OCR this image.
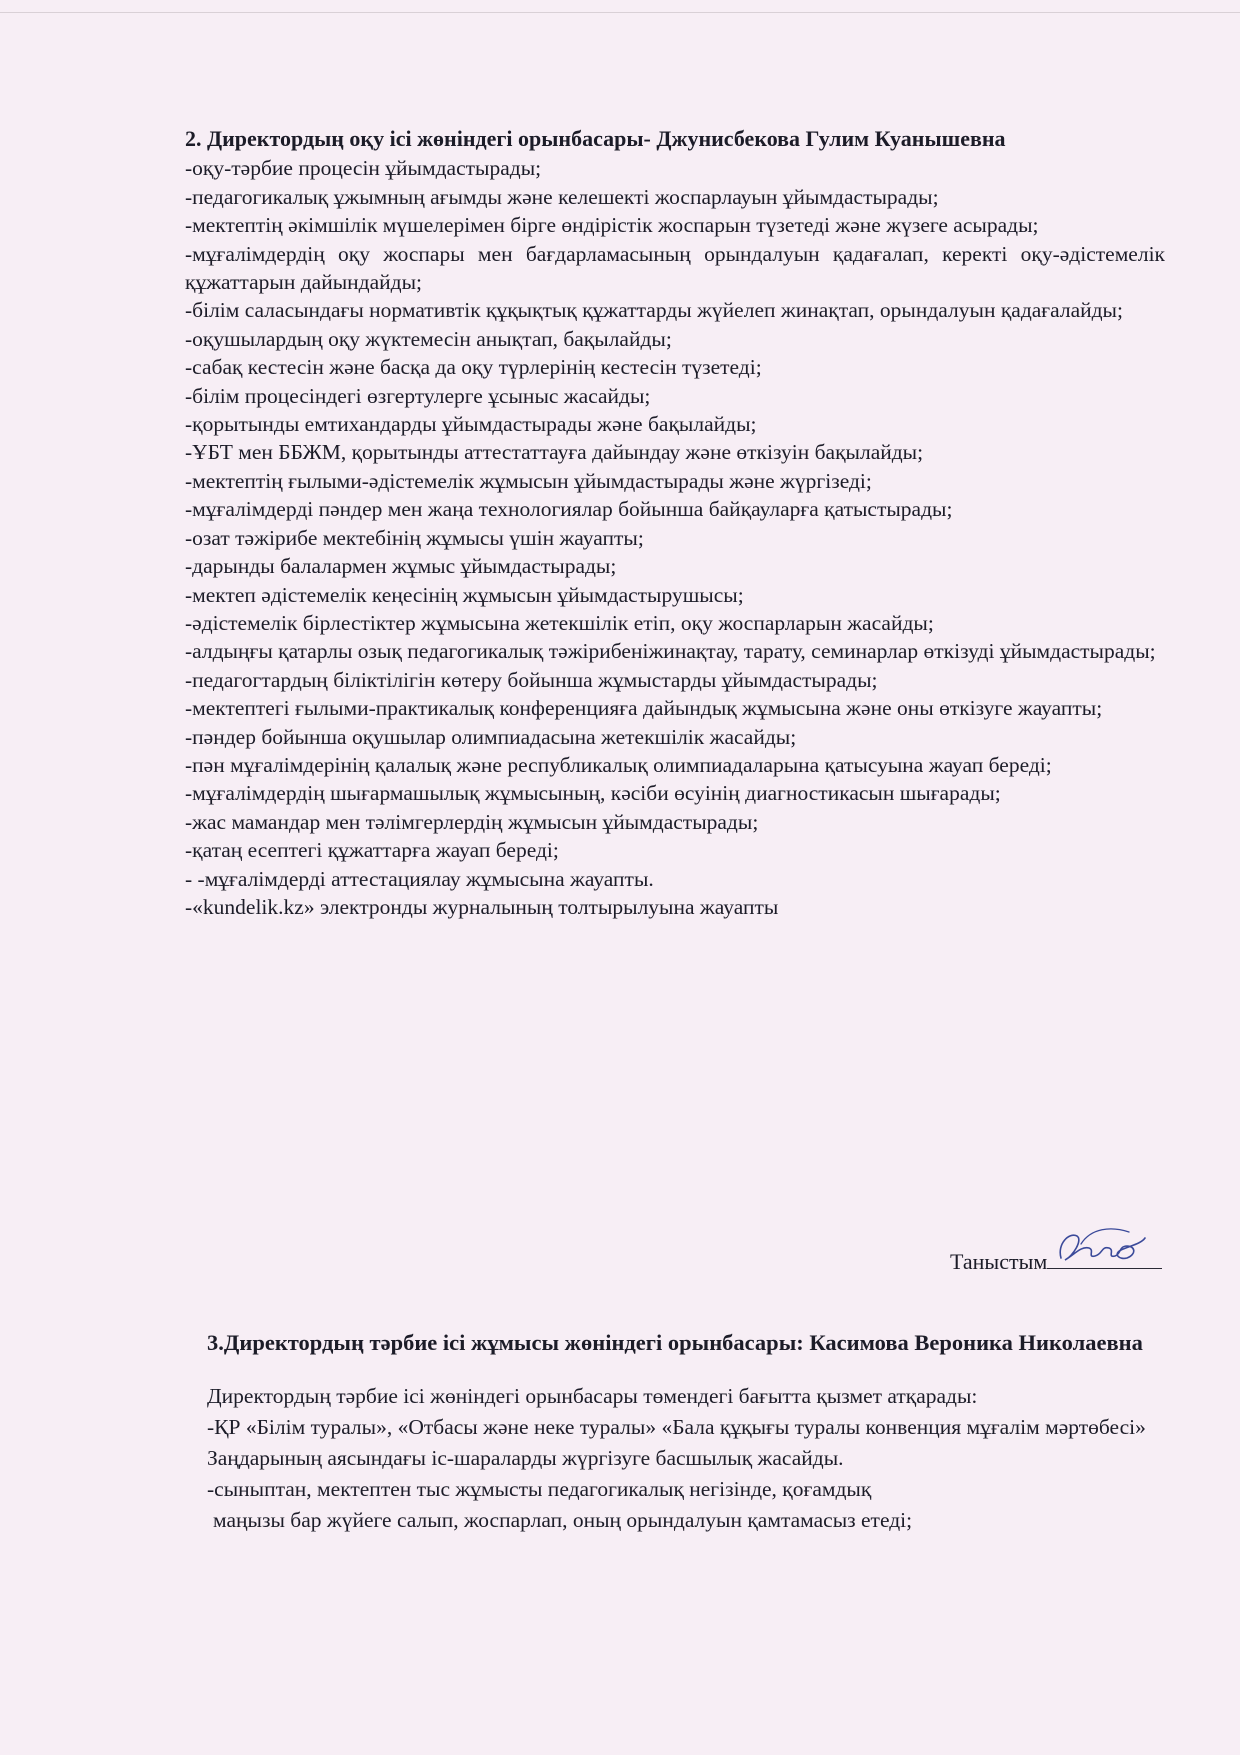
2. Директордың оқу ісі жөніндегі орынбасары- Джунисбекова Гулим Куанышевна
-оқу-тәрбие процесін ұйымдастырады;
-педагогикалық ұжымның ағымды және келешекті жоспарлауын ұйымдастырады;
-мектептің әкімшілік мүшелерімен бірге өндірістік жоспарын түзетеді және жүзеге асырады;
-мұғалімдердің оқу жоспары мен бағдарламасының орындалуын қадағалап, керекті оқу-әдістемелік құжаттарын дайындайды;
-білім саласындағы нормативтік құқықтық құжаттарды жүйелеп жинақтап, орындалуын қадағалайды;
-оқушылардың оқу жүктемесін анықтап, бақылайды;
-сабақ кестесін және басқа да оқу түрлерінің кестесін түзетеді;
-білім процесіндегі өзгертулерге ұсыныс жасайды;
-қорытынды емтихандарды ұйымдастырады және бақылайды;
-ҰБТ мен ББЖМ, қорытынды аттестаттауға дайындау және өткізуін бақылайды;
-мектептің ғылыми-әдістемелік жұмысын ұйымдастырады және жүргізеді;
-мұғалімдерді пәндер мен жаңа технологиялар бойынша байқауларға қатыстырады;
-озат тәжірибе мектебінің жұмысы үшін жауапты;
-дарынды балалармен жұмыс ұйымдастырады;
-мектеп әдістемелік кеңесінің жұмысын ұйымдастырушысы;
-әдістемелік бірлестіктер жұмысына жетекшілік етіп, оқу жоспарларын жасайды;
-алдыңғы қатарлы озық педагогикалық тәжірибеніжинақтау, тарату, семинарлар өткізуді ұйымдастырады;
-педагогтардың біліктілігін көтеру бойынша жұмыстарды ұйымдастырады;
-мектептегі ғылыми-практикалық конференцияға дайындық жұмысына және оны өткізуге жауапты;
-пәндер бойынша оқушылар олимпиадасына жетекшілік жасайды;
-пән мұғалімдерінің қалалық және республикалық олимпиадаларына қатысуына жауап береді;
-мұғалімдердің шығармашылық жұмысының, кәсіби өсуінің диагностикасын шығарады;
-жас мамандар мен тәлімгерлердің жұмысын ұйымдастырады;
-қатаң есептегі құжаттарға жауап береді;
- -мұғалімдерді аттестациялау жұмысына жауапты.
-«kundelik.kz» электронды журналының толтырылуына жауапты
Таныстым
3.Директордың тәрбие ісі жұмысы жөніндегі орынбасары: Касимова Вероника Николаевна
Директордың тәрбие ісі жөніндегі орынбасары төмендегі бағытта қызмет атқарады:
-ҚР «Білім туралы», «Отбасы және неке туралы» «Бала құқығы туралы конвенция мұғалім мәртөбесі» Заңдарының аясындағы іс-шараларды жүргізуге басшылық жасайды.
-сыныптан, мектептен тыс жұмысты педагогикалық негізінде, қоғамдық
маңызы бар жүйеге салып, жоспарлап, оның орындалуын қамтамасыз етеді;
